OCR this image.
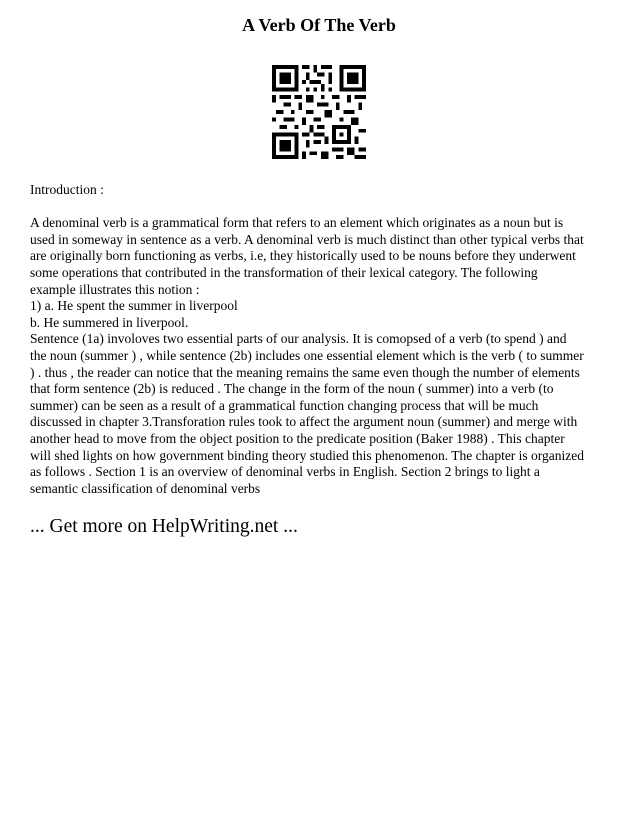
A Verb Of The Verb

Introduction :

A denominal verb is a grammatical form that refers to an element which originates as a noun but is

used in someway in sentence as a verb. A denominal verb is much distinct than other typical verbs that

are originally born functioning as verbs, i.e, they historically used to be nouns before they underwent

some operations that contributed in the transformation of their lexical category. The following

example illustrates this notion :

1) a. He spent the summer in liverpool

b. He summered in liverpool.

Sentence (1a) involoves two essential parts of our analysis. It is comopsed of a verb (to spend ) and

the noun (summer ) , while sentence (2b) includes one essential element which is the verb ( to summer

) . thus , the reader can notice that the meaning remains the same even though the number of elements

that form sentence (2b) is reduced . The change in the form of the noun ( summer) into a verb (to

summer) can be seen as a result of a grammatical function changing process that will be much

discussed in chapter 3.Transforation rules took to affect the argument noun (summer) and merge with

another head to move from the object position to the predicate position (Baker 1988) . This chapter

will shed lights on how government binding theory studied this phenomenon. The chapter is organized

as follows . Section 1 is an overview of denominal verbs in English. Section 2 brings to light a

semantic classification of denominal verbs

... Get more on HelpWriting.net ...
